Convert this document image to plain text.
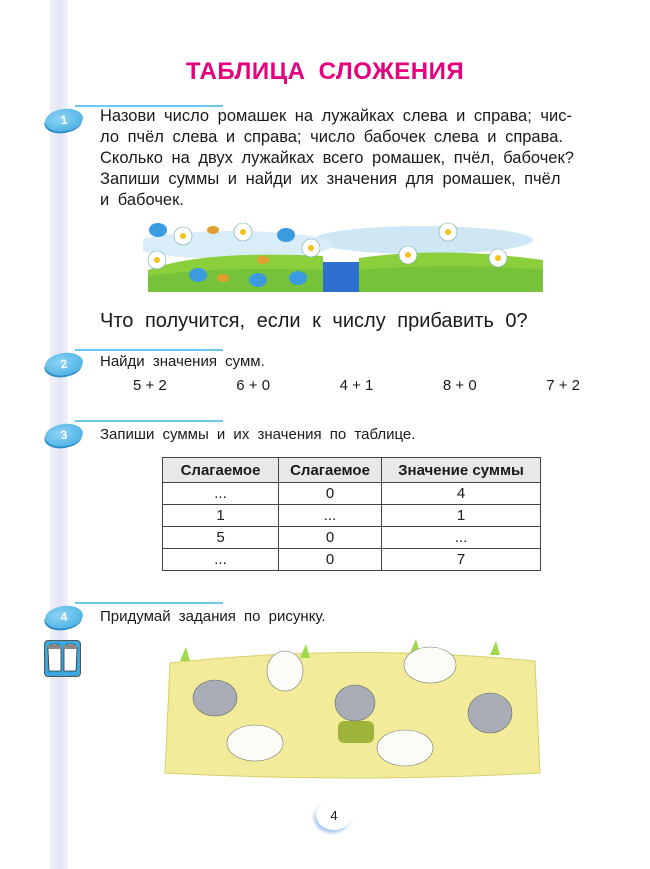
ТАБЛИЦА СЛОЖЕНИЯ
1	Назови число ромашек на лужайках слева и справа; чис-
ло пчёл слева и справа; число бабочек слева и справа.
Сколько на двух лужайках всего ромашек, пчёл, бабочек?
Запиши суммы и найди их значения для ромашек, пчёл
и бабочек.
Что получится, если к числу прибавить 0?
2	Найди значения сумм.
5 + 2	6 + 0	4 + 1	8 + 0	7 + 2
3	Запиши суммы и их значения по таблице.
Слагаемое	Слагаемое	Значение суммы
...	0	4
1	...	1
5	0	...
...	0	7
4	Придумай задания по рисунку.
4
